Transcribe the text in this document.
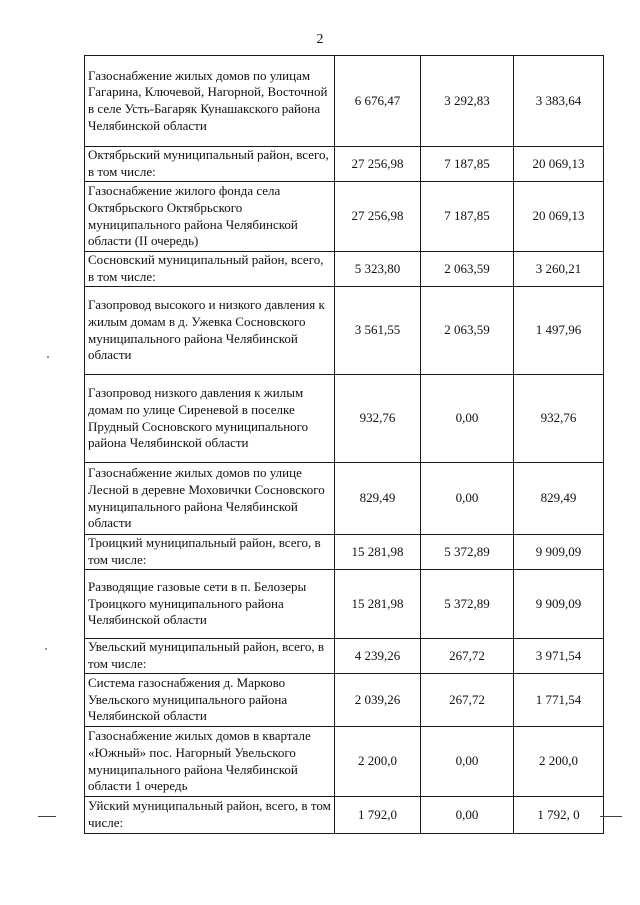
2
Газоснабжение жилых домов по улицам Гагарина, Ключевой, Нагорной, Восточной в селе Усть-Багаряк Кунашакского района Челябинской области	6 676,47	3 292,83	3 383,64
Октябрьский муниципальный район, всего, в том числе:	27 256,98	7 187,85	20 069,13
Газоснабжение жилого фонда села Октябрьского Октябрьского муниципального района Челябинской области (II очередь)	27 256,98	7 187,85	20 069,13
Сосновский муниципальный район, всего, в том числе:	5 323,80	2 063,59	3 260,21
Газопровод высокого и низкого давления к жилым домам в д. Ужевка Сосновского муниципального района Челябинской области	3 561,55	2 063,59	1 497,96
Газопровод низкого давления к жилым домам по улице Сиреневой в поселке Прудный Сосновского муниципального района Челябинской области	932,76	0,00	932,76
Газоснабжение жилых домов по улице Лесной в деревне Моховички Сосновского муниципального района Челябинской области	829,49	0,00	829,49
Троицкий муниципальный район, всего, в том числе:	15 281,98	5 372,89	9 909,09
Разводящие газовые сети в п. Белозеры Троицкого муниципального района Челябинской области	15 281,98	5 372,89	9 909,09
Увельский муниципальный район, всего, в том числе:	4 239,26	267,72	3 971,54
Система газоснабжения д. Марково Увельского муниципального района Челябинской области	2 039,26	267,72	1 771,54
Газоснабжение жилых домов в квартале «Южный» пос. Нагорный Увельского муниципального района Челябинской области 1 очередь	2 200,0	0,00	2 200,0
Уйский муниципальный район, всего, в том числе:	1 792,0	0,00	1 792, 0
